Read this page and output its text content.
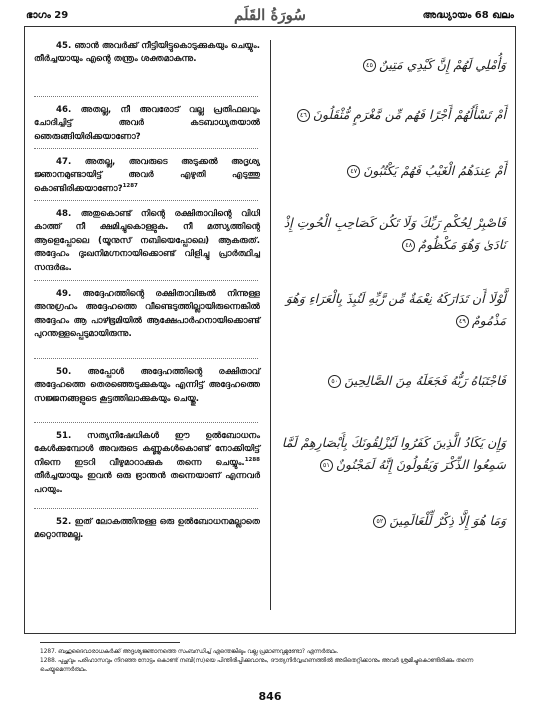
ഭാഗം 29	سُورَةُ القَلَم	അദ്ധ്യായം 68 ഖലം
45. ഞാൻ അവർക്ക് നീട്ടിയിട്ടുകൊടുക്കുകയും ചെയ്യും. തീർച്ചയായും എന്റെ തന്ത്രം ശക്തമാകുന്നു.
46. അതല്ല, നീ അവരോട് വല്ല പ്രതിഫലവും ചോദിച്ചിട്ട് അവർ കടബാധ്യതയാൽ ഞെരുങ്ങിയിരിക്കയാണോ?
47. അതല്ല, അവരുടെ അടുക്കൽ അദൃശ്യ ജ്ഞാനമുണ്ടായിട്ട് അവർ എഴുതി എടുത്തു കൊണ്ടിരിക്കയാണോ?$^{1287}$
48. അതുകൊണ്ട് നിന്റെ രക്ഷിതാവിന്റെ വിധി കാത്ത് നീ ക്ഷമിച്ചുകൊള്ളുക. നീ മത്സ്യത്തിന്റെ ആളെപ്പോലെ (യൂനുസ് നബിയെപ്പോലെ) ആകരുത്. അദ്ദേഹം ദുഃഖനിമഗ്നനായിക്കൊണ്ട് വിളിച്ചു പ്രാർത്ഥിച്ച സന്ദർഭം.
49. അദ്ദേഹത്തിന്റെ രക്ഷിതാവിങ്കൽ നിന്നുള്ള അനുഗ്രഹം അദ്ദേഹത്തെ വീണ്ടെടുത്തില്ലായിരുന്നെങ്കിൽ അദ്ദേഹം ആ പാഴ്ഭൂമിയിൽ ആക്ഷേപാർഹനായിക്കൊണ്ട് പുറന്തള്ളപ്പെടുമായിരുന്നു.
50. അപ്പോൾ അദ്ദേഹത്തിന്റെ രക്ഷിതാവ് അദ്ദേഹത്തെ തെരഞ്ഞെടുക്കുകയും എന്നിട്ട് അദ്ദേഹത്തെ സജ്ജനങ്ങളുടെ കൂട്ടത്തിലാക്കുകയും ചെയ്തു.
51. സത്യനിഷേധികൾ ഈ ഉൽബോധനം കേൾക്കുമ്പോൾ അവരുടെ കണ്ണുകൾകൊണ്ട് നോക്കിയിട്ട് നിന്നെ ഇടറി വീഴുമാറാക്കുക തന്നെ ചെയ്യും.$^{1288}$ തീർച്ചയായും ഇവൻ ഒരു ഭ്രാന്തൻ തന്നെയാണ് എന്നവർ പറയും.
52. ഇത് ലോകത്തിനുള്ള ഒരു ഉൽബോധനമല്ലാതെ മറ്റൊന്നുമല്ല.
وَأُمْلِي لَهُمْ إِنَّ كَيْدِي مَتِينٌ٤٥
أَمْ تَسْأَلُهُمْ أَجْرًا فَهُم مِّن مَّغْرَمٍ مُّثْقَلُونَ٤٦
أَمْ عِندَهُمُ الْغَيْبُ فَهُمْ يَكْتُبُونَ٤٧
فَاصْبِرْ لِحُكْمِ رَبِّكَ وَلَا تَكُن كَصَاحِبِ الْحُوتِ إِذْ نَادَىٰ وَهُوَ مَكْظُومٌ٤٨
لَّوْلَا أَن تَدَارَكَهُ نِعْمَةٌ مِّن رَّبِّهِ لَنُبِذَ بِالْعَرَاءِ وَهُوَ مَذْمُومٌ٤٩
فَاجْتَبَاهُ رَبُّهُ فَجَعَلَهُ مِنَ الصَّالِحِينَ٥٠
وَإِن يَكَادُ الَّذِينَ كَفَرُوا لَيُزْلِقُونَكَ بِأَبْصَارِهِمْ لَمَّا سَمِعُوا الذِّكْرَ وَيَقُولُونَ إِنَّهُ لَمَجْنُونٌ٥١
وَمَا هُوَ إِلَّا ذِكْرٌ لِّلْعَالَمِينَ٥٢
1287.ബഹുദൈവാരാധകർക്ക് അദൃശ്യജ്ഞാനത്തെ സംബന്ധിച്ച് എന്തെങ്കിലും വല്ല പ്രമാണവുമുണ്ടോ? എന്നർത്ഥം.
1288.പുച്ഛവും പരിഹാസവും നിറഞ്ഞ നോട്ടം കൊണ്ട് നബി(സ)യെ പിന്തിരിപ്പിക്കുവാനും, ദൗത്യനിർവ്വഹണത്തിൽ അടിതെറ്റിക്കാനും അവർ ശ്രമിച്ചുകൊണ്ടിരിക്കും തന്നെ ചെയ്യുമെന്നർത്ഥം.
846
